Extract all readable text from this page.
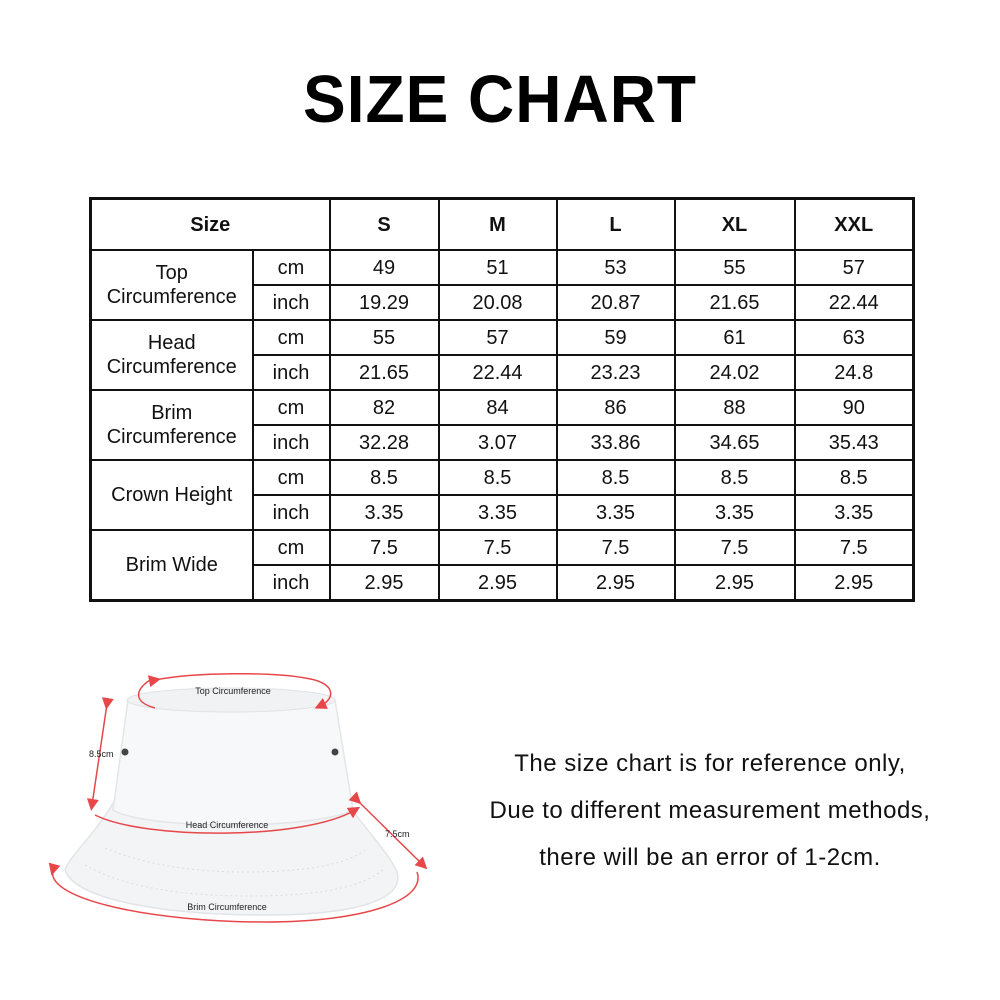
SIZE CHART
Size		S	M	L	XL	XXL
Top
Circumference	cm	49	51	53	55	57
	inch	19.29	20.08	20.87	21.65	22.44
Head
Circumference	cm	55	57	59	61	63
	inch	21.65	22.44	23.23	24.02	24.8
Brim
Circumference	cm	82	84	86	88	90
	inch	32.28	3.07	33.86	34.65	35.43
Crown Height	cm	8.5	8.5	8.5	8.5	8.5
	inch	3.35	3.35	3.35	3.35	3.35
Brim Wide	cm	7.5	7.5	7.5	7.5	7.5
	inch	2.95	2.95	2.95	2.95	2.95
Top Circumference
8.5cm
Head Circumference
7.5cm
Brim Circumference
The size chart is for reference only,
Due to different measurement methods,
there will be an error of 1-2cm.
